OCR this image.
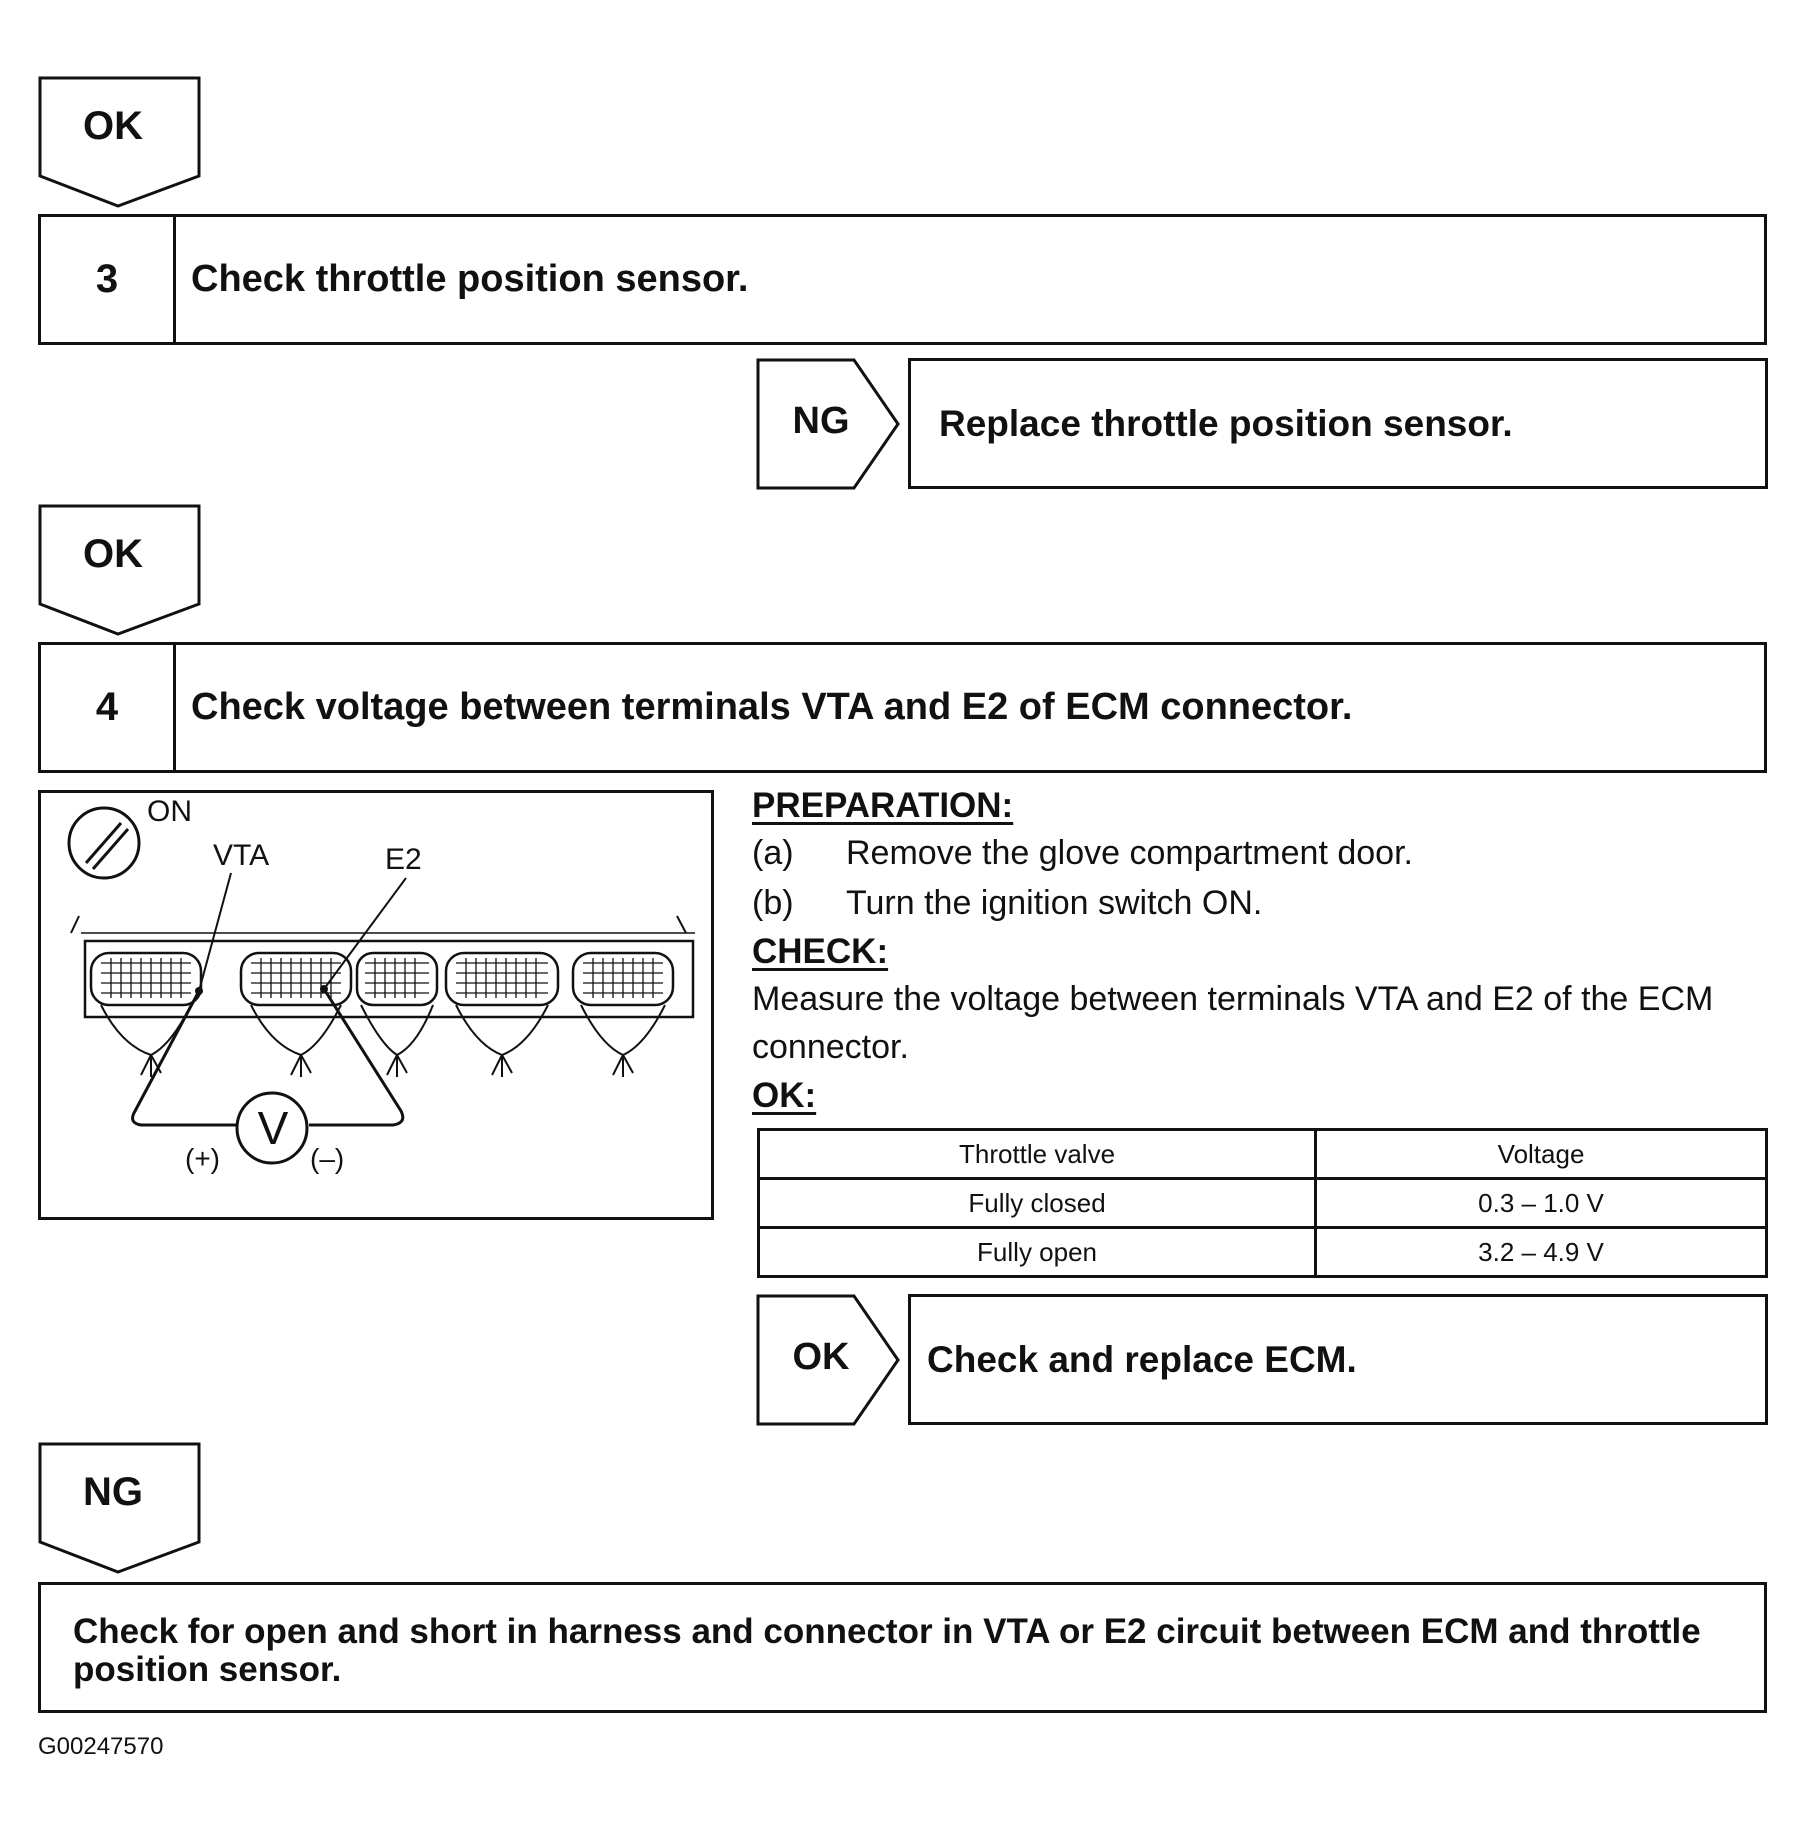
OK
3	Check throttle position sensor.
NG	Replace throttle position sensor.
OK
4	Check voltage between terminals VTA and E2 of ECM connector.
ON
VTA	E2
V
(+)	(–)
PREPARATION:
(a) Remove the glove compartment door.
(b) Turn the ignition switch ON.
CHECK:
Measure the voltage between terminals VTA and E2 of the ECM
connector.
OK:
Throttle valve	Voltage
Fully closed	0.3 – 1.0 V
Fully open	3.2 – 4.9 V
OK	Check and replace ECM.
NG
Check for open and short in harness and connector in VTA or E2 circuit between ECM and throttle position sensor.
G00247570
